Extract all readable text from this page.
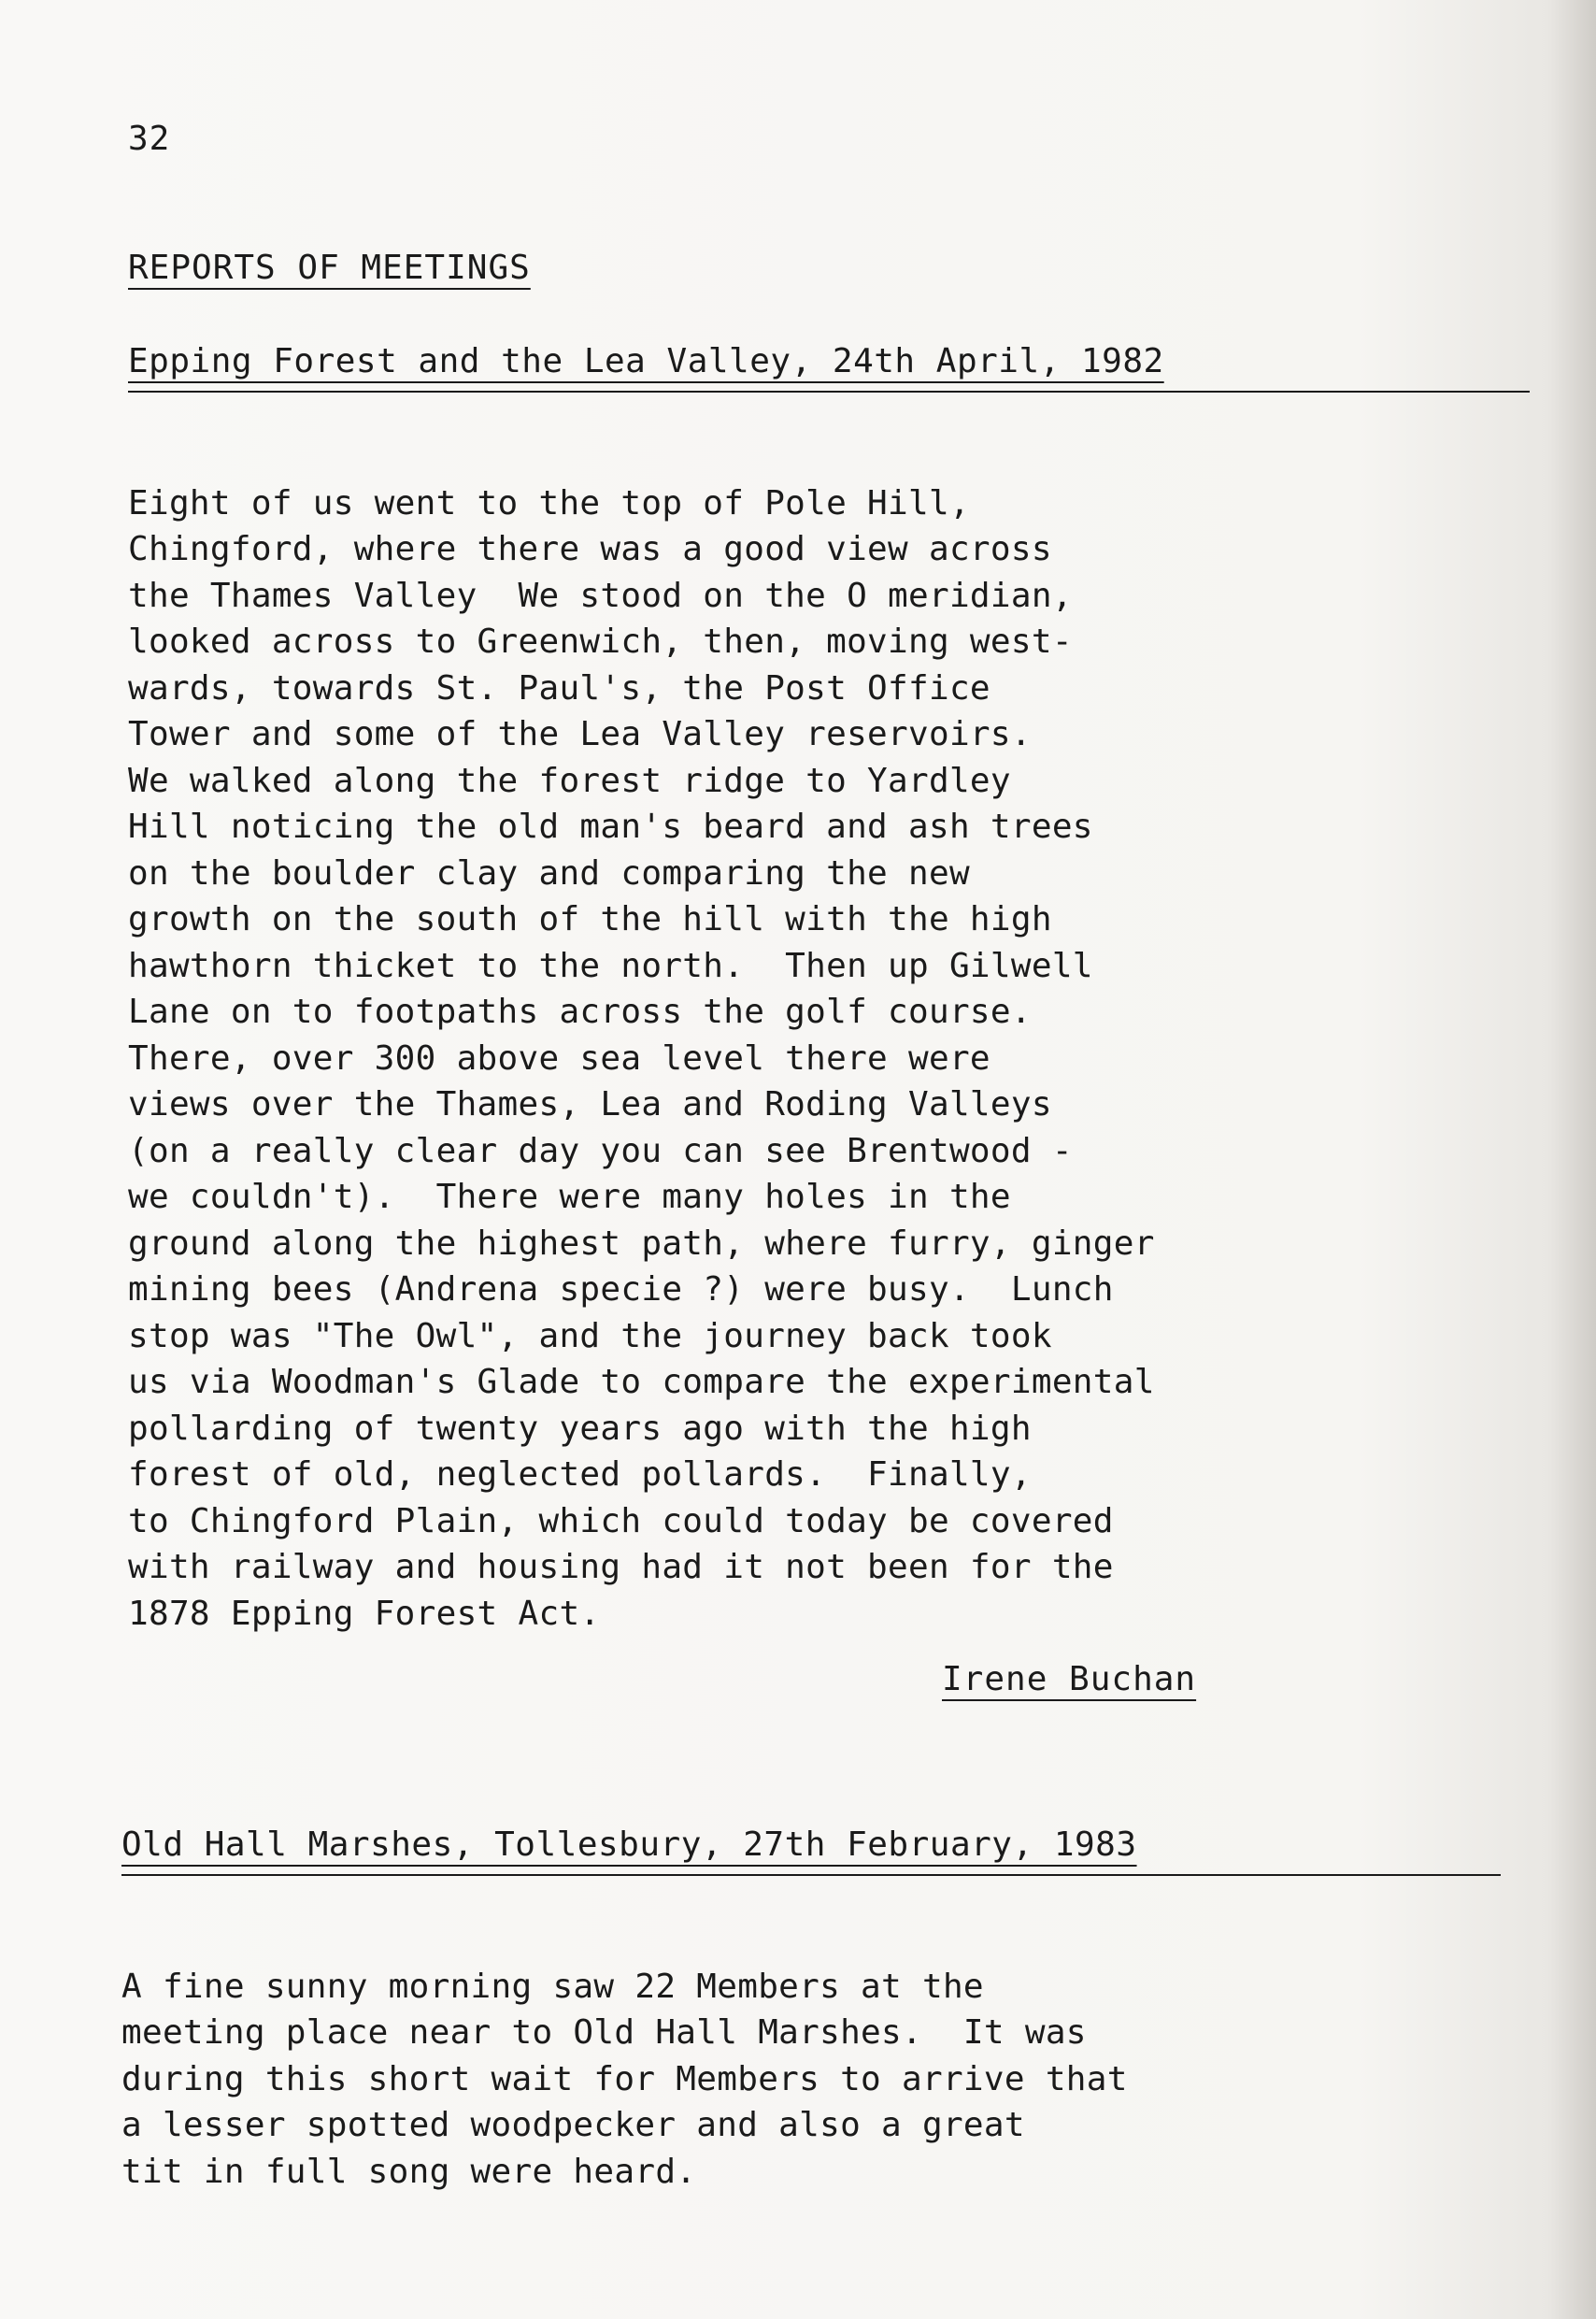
32
REPORTS OF MEETINGS
Epping Forest and the Lea Valley, 24th April, 1982

Eight of us went to the top of Pole Hill,
Chingford, where there was a good view across
the Thames Valley  We stood on the O meridian,
looked across to Greenwich, then, moving west-
wards, towards St. Paul's, the Post Office
Tower and some of the Lea Valley reservoirs.
We walked along the forest ridge to Yardley
Hill noticing the old man's beard and ash trees
on the boulder clay and comparing the new
growth on the south of the hill with the high
hawthorn thicket to the north.  Then up Gilwell
Lane on to footpaths across the golf course.
There, over 300 above sea level there were
views over the Thames, Lea and Roding Valleys
(on a really clear day you can see Brentwood -
we couldn't).  There were many holes in the
ground along the highest path, where furry, ginger
mining bees (Andrena specie ?) were busy.  Lunch
stop was "The Owl", and the journey back took
us via Woodman's Glade to compare the experimental
pollarding of twenty years ago with the high
forest of old, neglected pollards.  Finally,
to Chingford Plain, which could today be covered
with railway and housing had it not been for the
1878 Epping Forest Act.
Irene Buchan
Old Hall Marshes, Tollesbury, 27th February, 1983

A fine sunny morning saw 22 Members at the
meeting place near to Old Hall Marshes.  It was
during this short wait for Members to arrive that
a lesser spotted woodpecker and also a great
tit in full song were heard.
